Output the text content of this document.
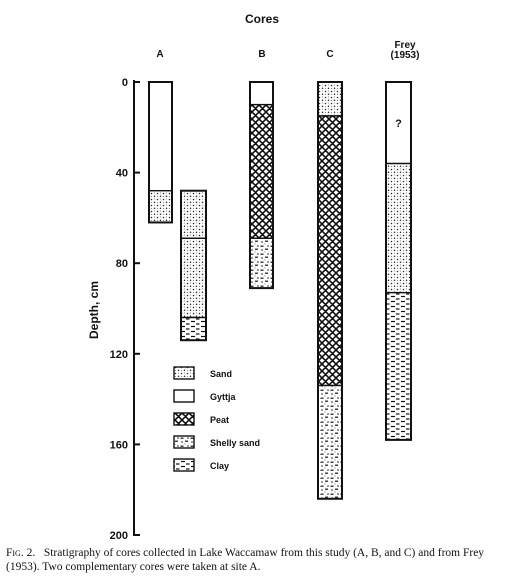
Cores
A	B	C
Frey
(1953)
0
40
80
120
160
200
Depth, cm
?
Sand
Gyttja
Peat
Shelly sand
Clay
Fig. 2. Stratigraphy of cores collected in Lake Waccamaw from this study (A, B, and C) and from Frey (1953). Two complementary cores were taken at site A.
